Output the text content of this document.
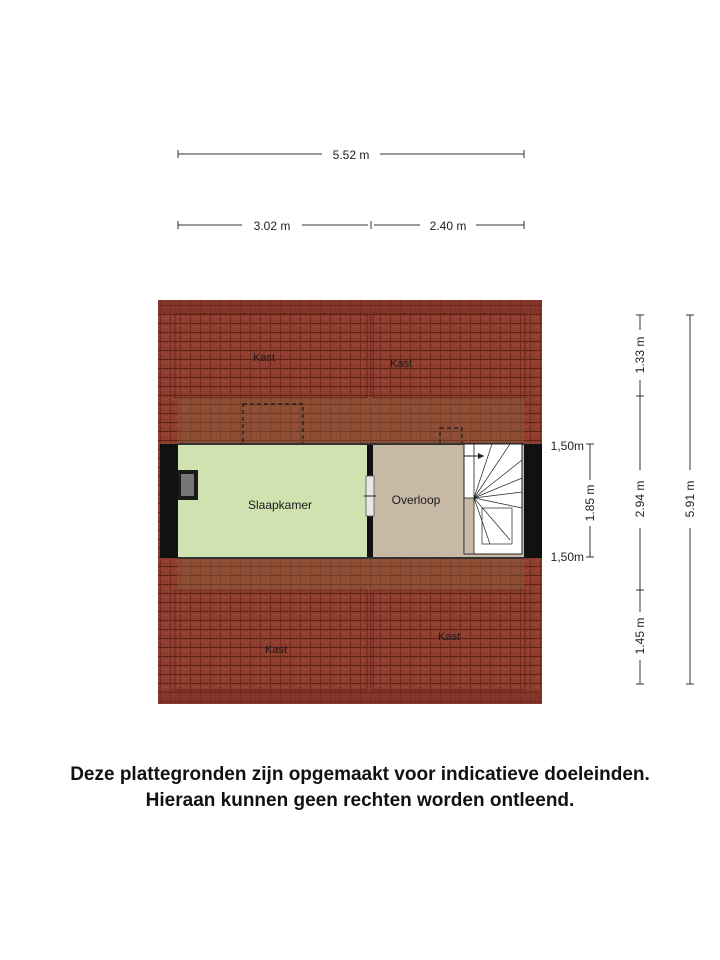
5.52 m
3.02 m	2.40 m
Kast	Kast
Slaapkamer	Overloop
Kast
Kast
1,50m
1,50m
1.85 m
1.33 m
2.94 m
1.45 m
5.91 m
Deze plattegronden zijn opgemaakt voor indicatieve doeleinden.
Hieraan kunnen geen rechten worden ontleend.
